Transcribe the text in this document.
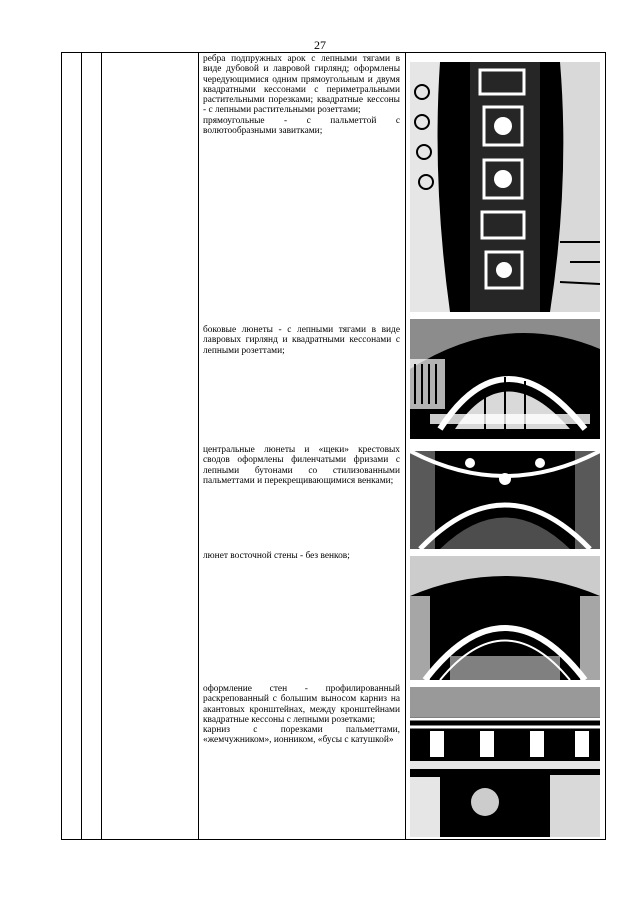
27

ребра подпружных арок с лепными тягами в виде дубовой и лавровой гирлянд; оформлены чередующимися одним прямоугольным и двумя квадратными кессонами с периметральными растительными порезками; квадратные кессоны - с лепными растительными розеттами;

прямоугольные - с пальметтой с волютообразными завитками;

боковые люнеты - с лепными тягами в виде лавровых гирлянд и квадратными кессонами с лепными розеттами;

центральные люнеты и «щеки» крестовых сводов оформлены филенчатыми фризами с лепными бутонами со стилизованными пальметтами и перекрещивающимися венками;

люнет восточной стены - без венков;

оформление стен - профилированный раскрепованный с большим выносом карниз на акантовых кронштейнах, между кронштейнами квадратные кессоны с лепными розетками;

карниз с порезками пальметтами, «жемчужником», ионником, «бусы с катушкой»
